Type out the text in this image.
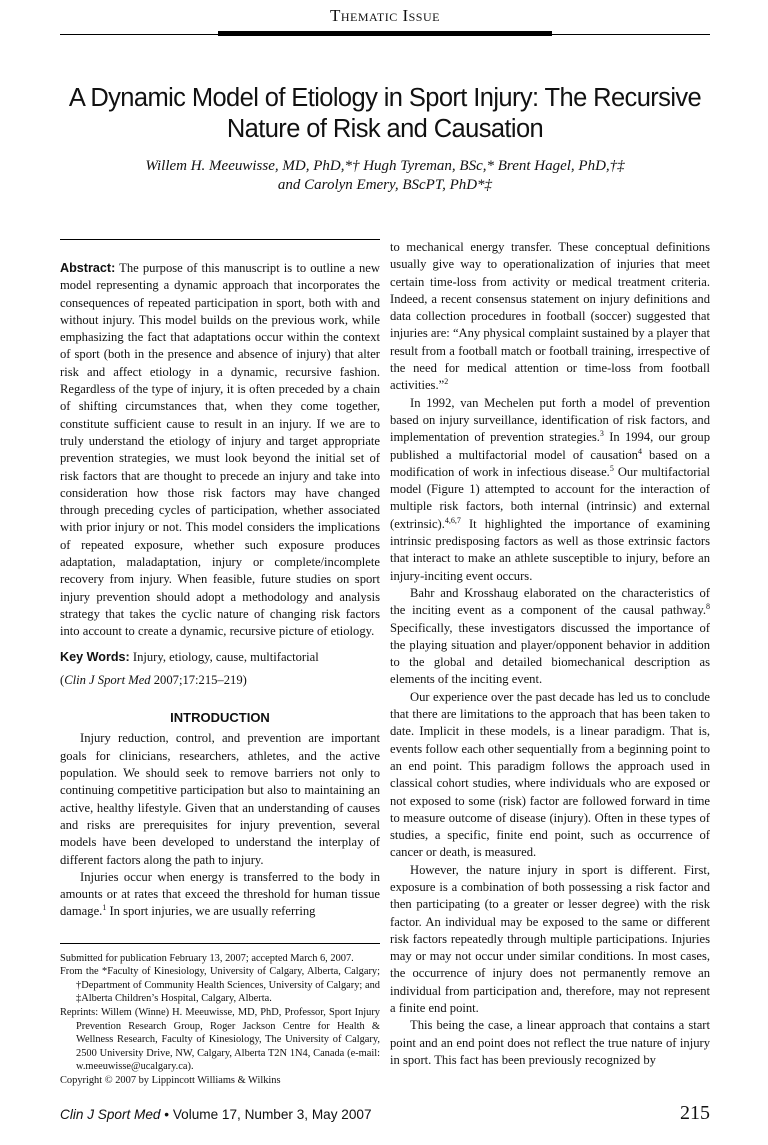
Thematic Issue
A Dynamic Model of Etiology in Sport Injury: The Recursive Nature of Risk and Causation
Willem H. Meeuwisse, MD, PhD,*† Hugh Tyreman, BSc,* Brent Hagel, PhD,†‡
and Carolyn Emery, BScPT, PhD*‡

Abstract: The purpose of this manuscript is to outline a new model representing a dynamic approach that incorporates the consequences of repeated participation in sport, both with and without injury. This model builds on the previous work, while emphasizing the fact that adaptations occur within the context of sport (both in the presence and absence of injury) that alter risk and affect etiology in a dynamic, recursive fashion. Regardless of the type of injury, it is often preceded by a chain of shifting circumstances that, when they come together, constitute sufficient cause to result in an injury. If we are to truly understand the etiology of injury and target appropriate prevention strategies, we must look beyond the initial set of risk factors that are thought to precede an injury and take into consideration how those risk factors may have changed through preceding cycles of participation, whether associated with prior injury or not. This model considers the implications of repeated exposure, whether such exposure produces adaptation, maladaptation, injury or complete/incomplete recovery from injury. When feasible, future studies on sport injury prevention should adopt a methodology and analysis strategy that takes the cyclic nature of changing risk factors into account to create a dynamic, recursive picture of etiology.

Key Words: Injury, etiology, cause, multifactorial

(Clin J Sport Med 2007;17:215–219)

INTRODUCTION

Injury reduction, control, and prevention are important goals for clinicians, researchers, athletes, and the active population. We should seek to remove barriers not only to continuing competitive participation but also to maintaining an active, healthy lifestyle. Given that an understanding of causes and risks are prerequisites for injury prevention, several models have been developed to understand the interplay of different factors along the path to injury.

Injuries occur when energy is transferred to the body in amounts or at rates that exceed the threshold for human tissue damage.$^1$ In sport injuries, we are usually referring

Submitted for publication February 13, 2007; accepted March 6, 2007.
From the *Faculty of Kinesiology, University of Calgary, Alberta, Calgary; †Department of Community Health Sciences, University of Calgary; and ‡Alberta Children’s Hospital, Calgary, Alberta.
Reprints: Willem (Winne) H. Meeuwisse, MD, PhD, Professor, Sport Injury Prevention Research Group, Roger Jackson Centre for Health & Wellness Research, Faculty of Kinesiology, The University of Calgary, 2500 University Drive, NW, Calgary, Alberta T2N 1N4, Canada (e-mail: w.meeuwisse@ucalgary.ca).
Copyright © 2007 by Lippincott Williams & Wilkins

to mechanical energy transfer. These conceptual definitions usually give way to operationalization of injuries that meet certain time-loss from activity or medical treatment criteria. Indeed, a recent consensus statement on injury definitions and data collection procedures in football (soccer) suggested that injuries are: “Any physical complaint sustained by a player that result from a football match or football training, irrespective of the need for medical attention or time-loss from football activities.”$^2$

In 1992, van Mechelen put forth a model of prevention based on injury surveillance, identification of risk factors, and implementation of prevention strategies.$^3$ In 1994, our group published a multifactorial model of causation$^4$ based on a modification of work in infectious disease.$^5$ Our multifactorial model (Figure 1) attempted to account for the interaction of multiple risk factors, both internal (intrinsic) and external (extrinsic).$^{4,6,7}$ It highlighted the importance of examining intrinsic predisposing factors as well as those extrinsic factors that interact to make an athlete susceptible to injury, before an injury-inciting event occurs.

Bahr and Krosshaug elaborated on the characteristics of the inciting event as a component of the causal pathway.$^8$ Specifically, these investigators discussed the importance of the playing situation and player/opponent behavior in addition to the global and detailed biomechanical description as elements of the inciting event.

Our experience over the past decade has led us to conclude that there are limitations to the approach that has been taken to date. Implicit in these models, is a linear paradigm. That is, events follow each other sequentially from a beginning point to an end point. This paradigm follows the approach used in classical cohort studies, where individuals who are exposed or not exposed to some (risk) factor are followed forward in time to measure outcome of disease (injury). Often in these types of studies, a specific, finite end point, such as occurrence of cancer or death, is measured.

However, the nature injury in sport is different. First, exposure is a combination of both possessing a risk factor and then participating (to a greater or lesser degree) with the risk factor. An individual may be exposed to the same or different risk factors repeatedly through multiple participations. Injuries may or may not occur under similar conditions. In most cases, the occurrence of injury does not permanently remove an individual from participation and, therefore, may not represent a finite end point.

This being the case, a linear approach that contains a start point and an end point does not reflect the true nature of injury in sport. This fact has been previously recognized by

Clin J Sport Med • Volume 17, Number 3, May 2007	215
